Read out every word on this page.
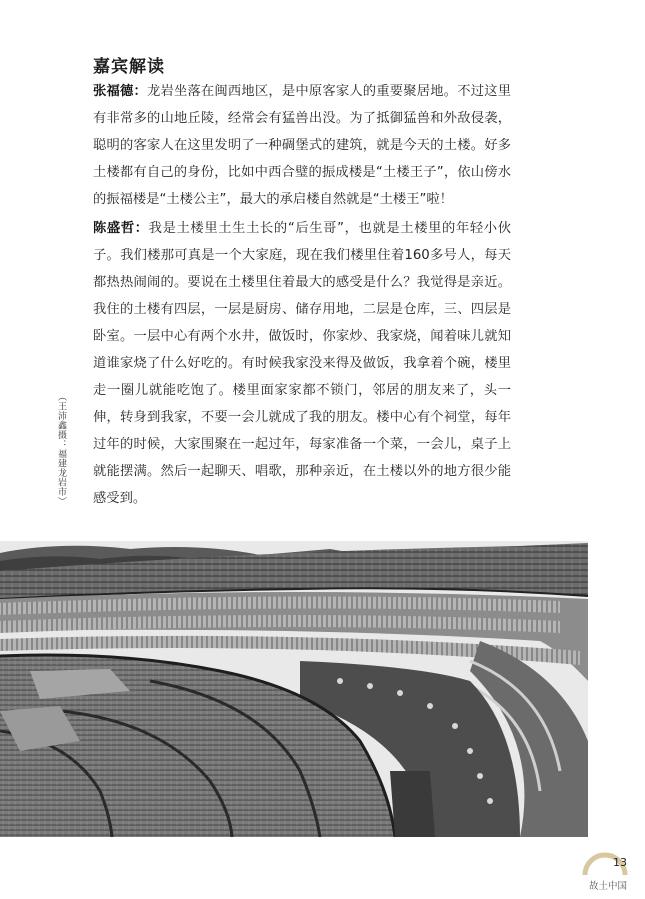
嘉宾解读

张福德：龙岩坐落在闽西地区，是中原客家人的重要聚居地。不过这里有非常多的山地丘陵，经常会有猛兽出没。为了抵御猛兽和外敌侵袭，聪明的客家人在这里发明了一种碉堡式的建筑，就是今天的土楼。好多土楼都有自己的身份，比如中西合璧的振成楼是“土楼王子”，依山傍水的振福楼是“土楼公主”，最大的承启楼自然就是“土楼王”啦！

陈盛哲：我是土楼里土生土长的“后生哥”，也就是土楼里的年轻小伙子。我们楼那可真是一个大家庭，现在我们楼里住着160多号人，每天都热热闹闹的。要说在土楼里住着最大的感受是什么？我觉得是亲近。我住的土楼有四层，一层是厨房、储存用地，二层是仓库，三、四层是卧室。一层中心有两个水井，做饭时，你家炒、我家烧，闻着味儿就知道谁家烧了什么好吃的。有时候我家没来得及做饭，我拿着个碗，楼里走一圈儿就能吃饱了。楼里面家家都不锁门，邻居的朋友来了，头一伸，转身到我家，不要一会儿就成了我的朋友。楼中心有个祠堂，每年过年的时候，大家围聚在一起过年，每家准备一个菜，一会儿，桌子上就能摆满。然后一起聊天、唱歌，那种亲近，在土楼以外的地方很少能感受到。

（王沛鑫摄：福建龙岩市）
13
故土中国
